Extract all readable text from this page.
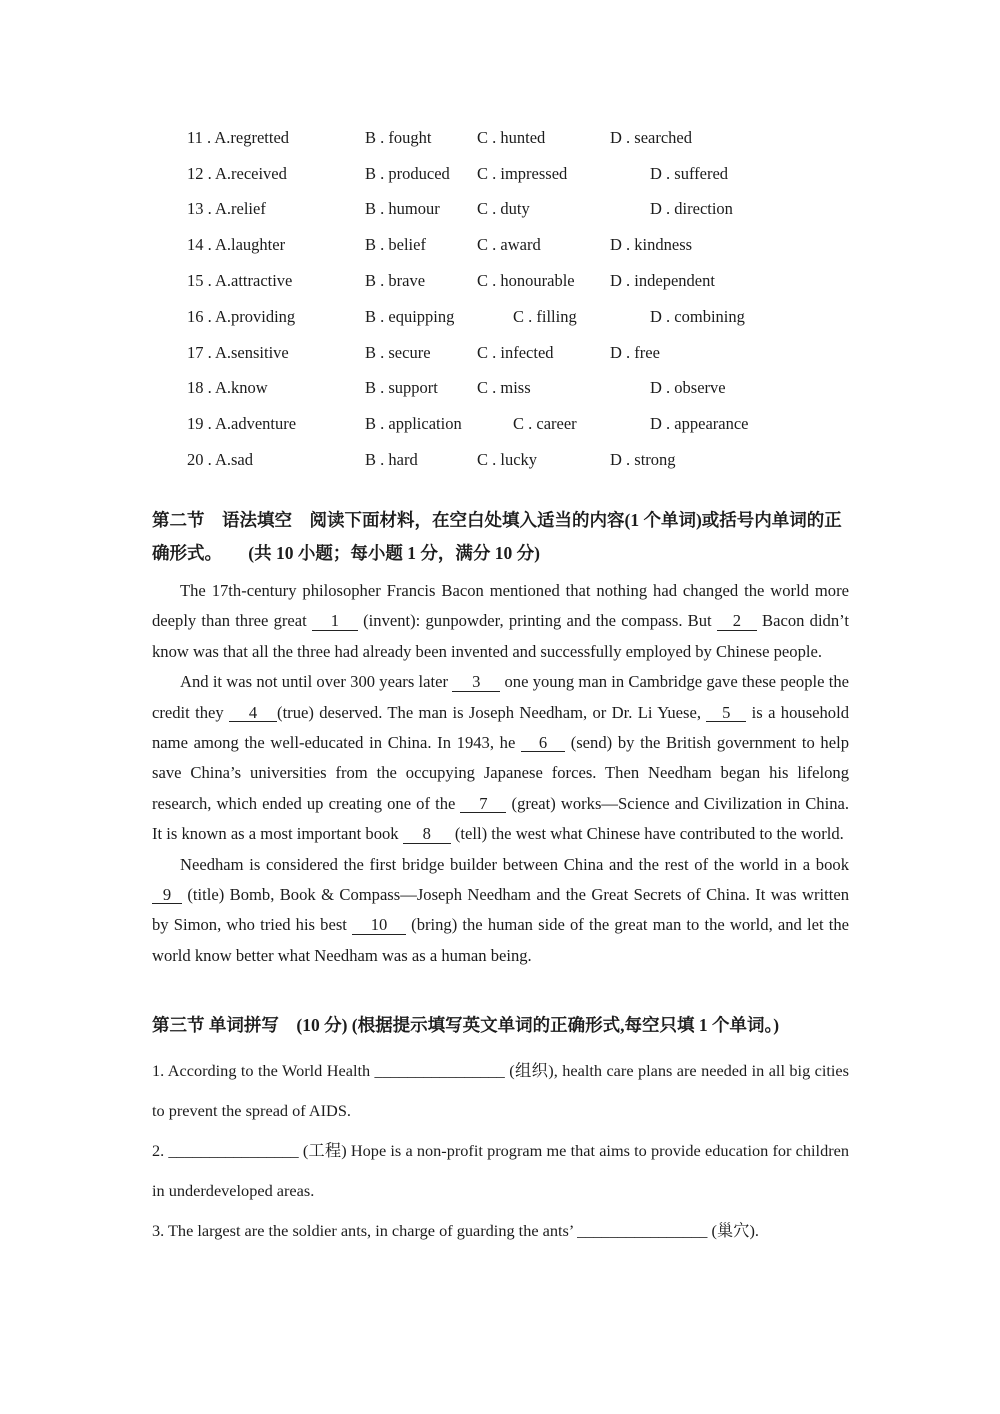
11 . A.regretted	B . fought	C . hunted	D . searched
12 . A.received	B . produced	C . impressed	D . suffered
13 . A.relief	B . humour	C . duty	D . direction
14 . A.laughter	B . belief	C . award	D . kindness
15 . A.attractive	B . brave	C . honourable	D . independent
16 . A.providing	B . equipping	C . filling	D . combining
17 . A.sensitive	B . secure	C . infected	D . free
18 . A.know	B . support	C . miss	D . observe
19 . A.adventure	B . application	C . career	D . appearance
20 . A.sad	B . hard	C . lucky	D . strong
第二节　语法填空　阅读下面材料，在空白处填入适当的内容(1 个单词)或括号内单词的正
确形式。　　(共 10 小题；每小题 1 分，满分 10 分)

The 17th-century philosopher Francis Bacon mentioned that nothing had changed the world more deeply than three great 1 (invent): gunpowder, printing and the compass. But 2 Bacon didn’t know was that all the three had already been invented and successfully employed by Chinese people.

And it was not until over 300 years later 3 one young man in Cambridge gave these people the credit they 4 (true) deserved. The man is Joseph Needham, or Dr. Li Yuese, 5 is a household name among the well-educated in China. In 1943, he 6 (send) by the British government to help save China’s universities from the occupying Japanese forces. Then Needham began his lifelong research, which ended up creating one of the 7 (great) works—Science and Civilization in China. It is known as a most important book 8 (tell) the west what Chinese have contributed to the world.

Needham is considered the first bridge builder between China and the rest of the world in a book 9 (title) Bomb, Book & Compass—Joseph Needham and the Great Secrets of China. It was written by Simon, who tried his best 10 (bring) the human side of the great man to the world, and let the world know better what Needham was as a human being.

第三节 单词拼写　(10 分) (根据提示填写英文单词的正确形式,每空只填 1 个单词。)

1. According to the World Health ________________ (组织), health care plans are needed in all big cities to prevent the spread of AIDS.

2. ________________ (工程) Hope is a non-profit program me that aims to provide education for children in underdeveloped areas.

3. The largest are the soldier ants, in charge of guarding the ants’ ________________ (巢穴).
